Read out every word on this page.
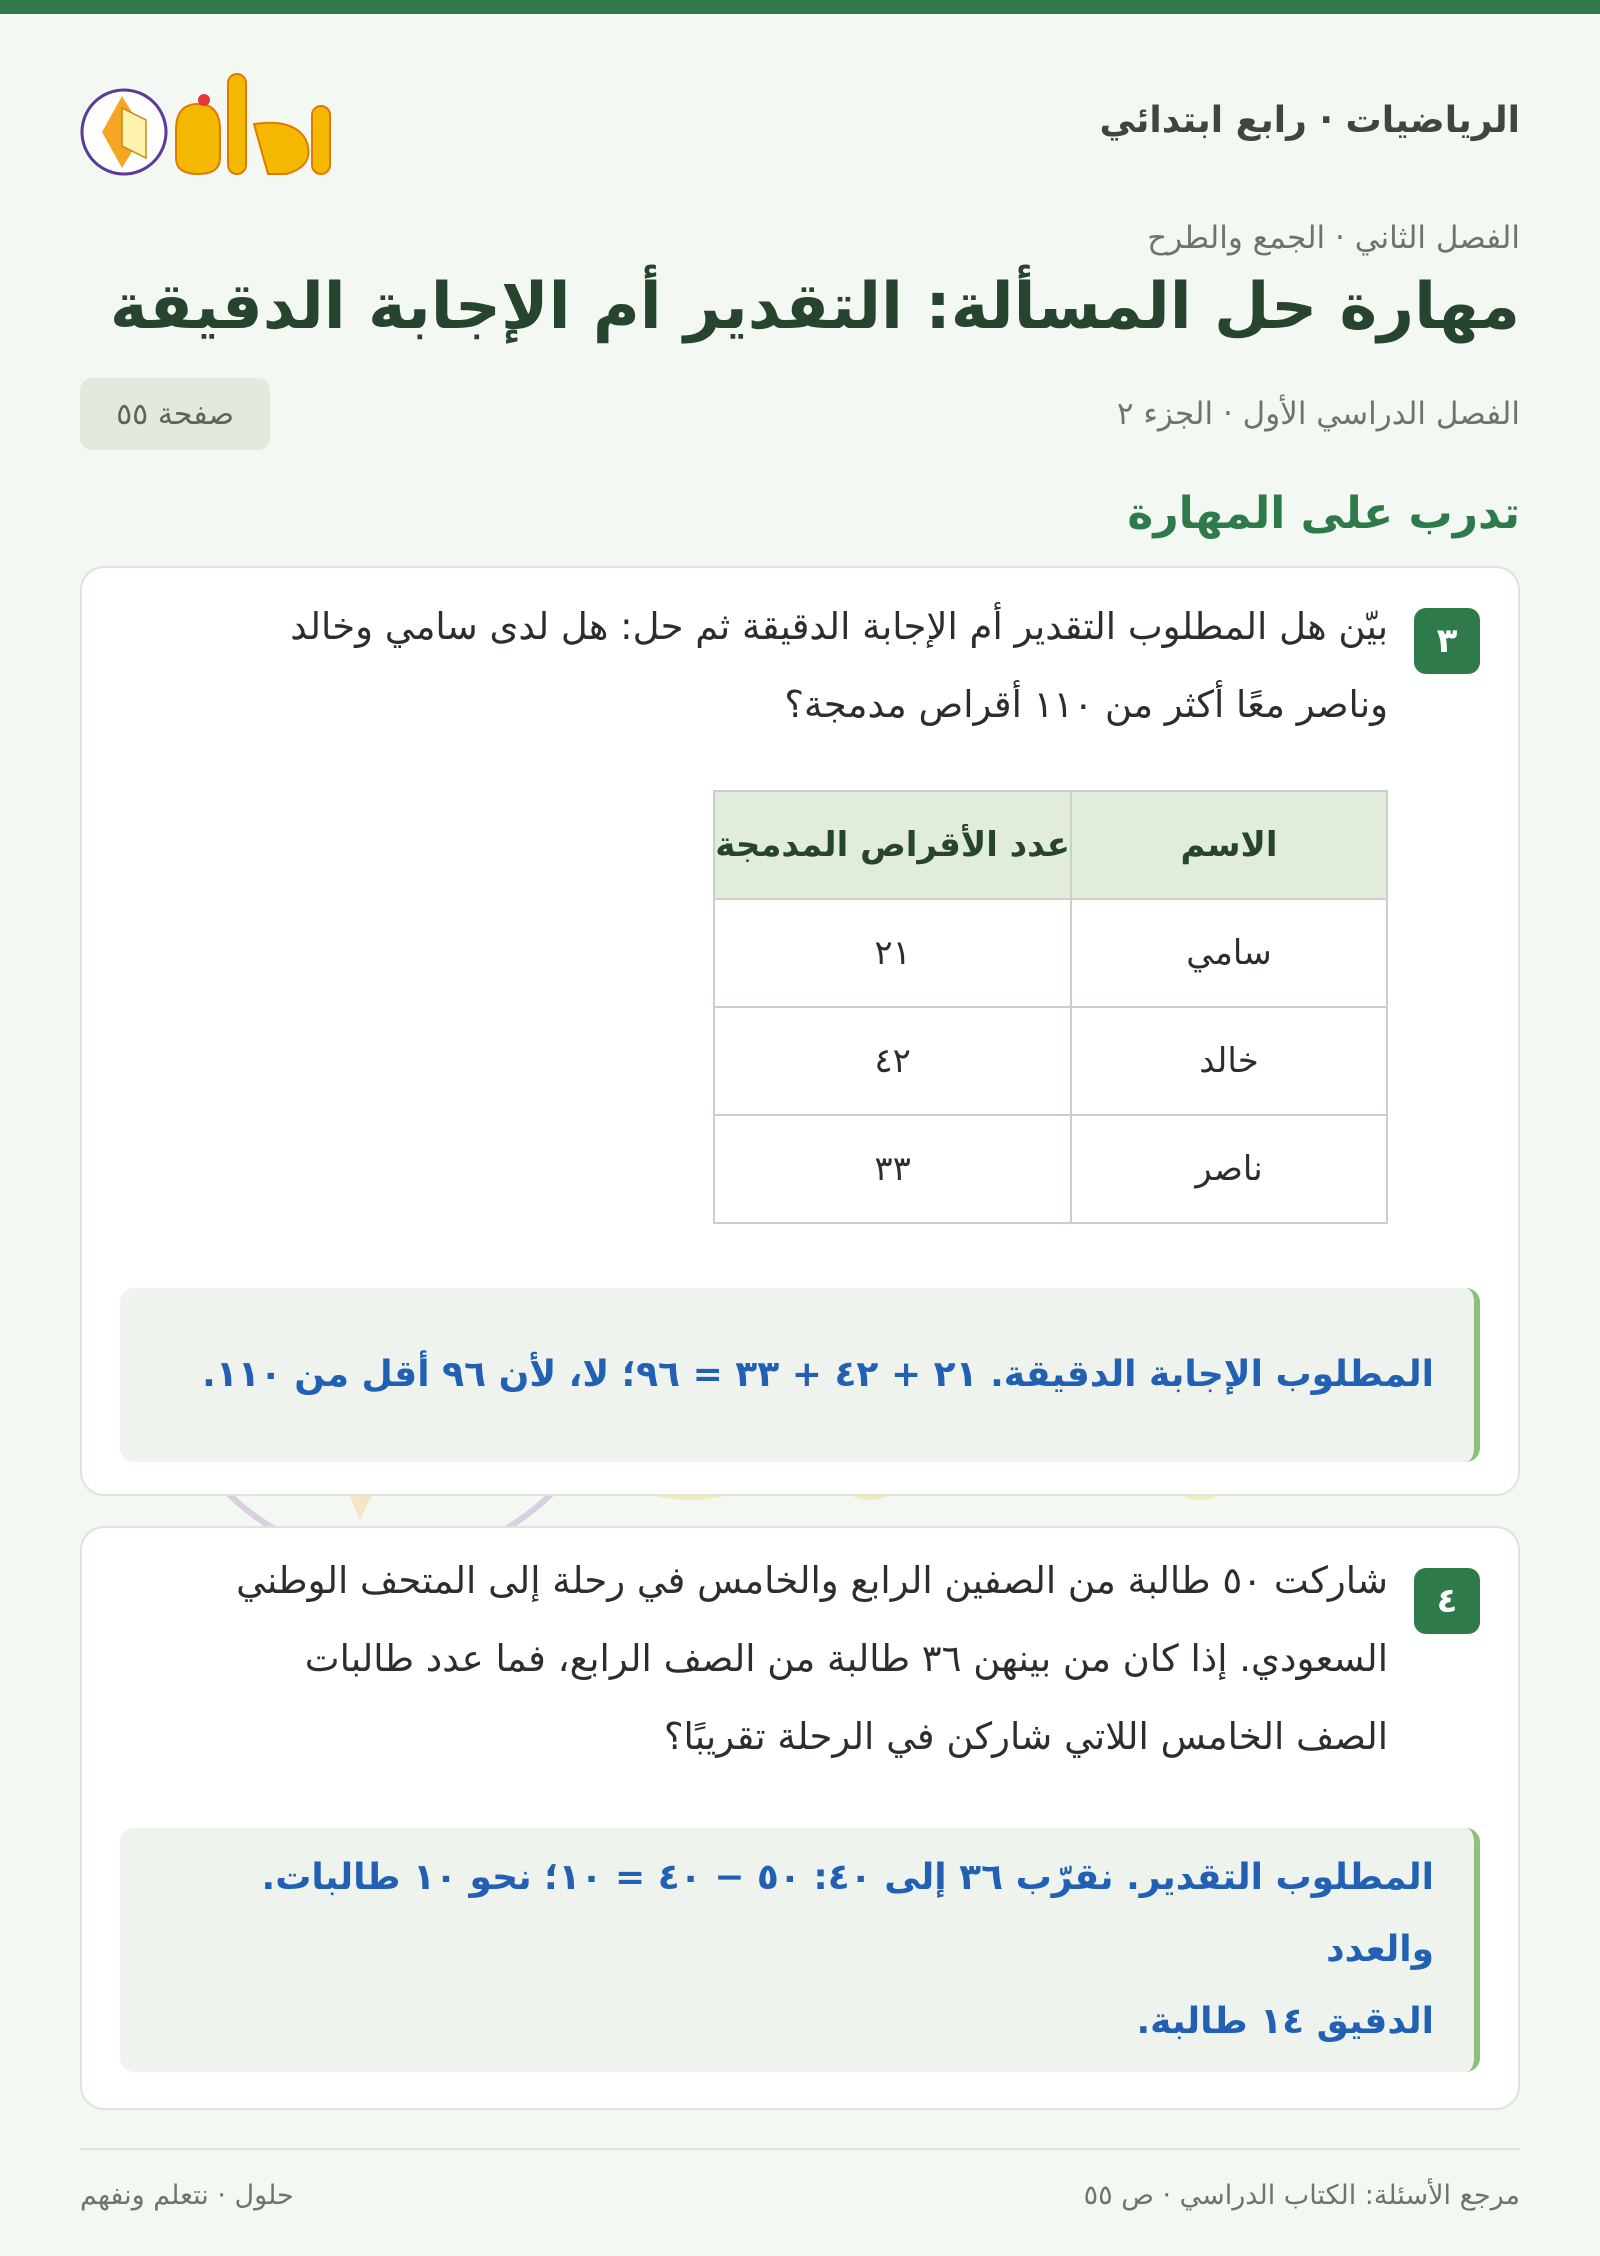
الرياضيات · رابع ابتدائي
الفصل الثاني · الجمع والطرح
مهارة حل المسألة: التقدير أم الإجابة الدقيقة
الفصل الدراسي الأول · الجزء ٢
صفحة ٥٥
تدرب على المهارة
٣
بيّن هل المطلوب التقدير أم الإجابة الدقيقة ثم حل: هل لدى سامي وخالد
وناصر معًا أكثر من ١١٠ أقراص مدمجة؟
الاسم	عدد الأقراص المدمجة
سامي	٢١
خالد	٤٢
ناصر	٣٣
المطلوب الإجابة الدقيقة. ٢١ + ٤٢ + ٣٣ = ٩٦؛ لا، لأن ٩٦ أقل من ١١٠.
٤
شاركت ٥٠ طالبة من الصفين الرابع والخامس في رحلة إلى المتحف الوطني
السعودي. إذا كان من بينهن ٣٦ طالبة من الصف الرابع، فما عدد طالبات
الصف الخامس اللاتي شاركن في الرحلة تقريبًا؟
المطلوب التقدير. نقرّب ٣٦ إلى ٤٠: ٥٠ − ٤٠ = ١٠؛ نحو ١٠ طالبات. والعدد
الدقيق ١٤ طالبة.
مرجع الأسئلة: الكتاب الدراسي · ص ٥٥
حلول · نتعلم ونفهم
